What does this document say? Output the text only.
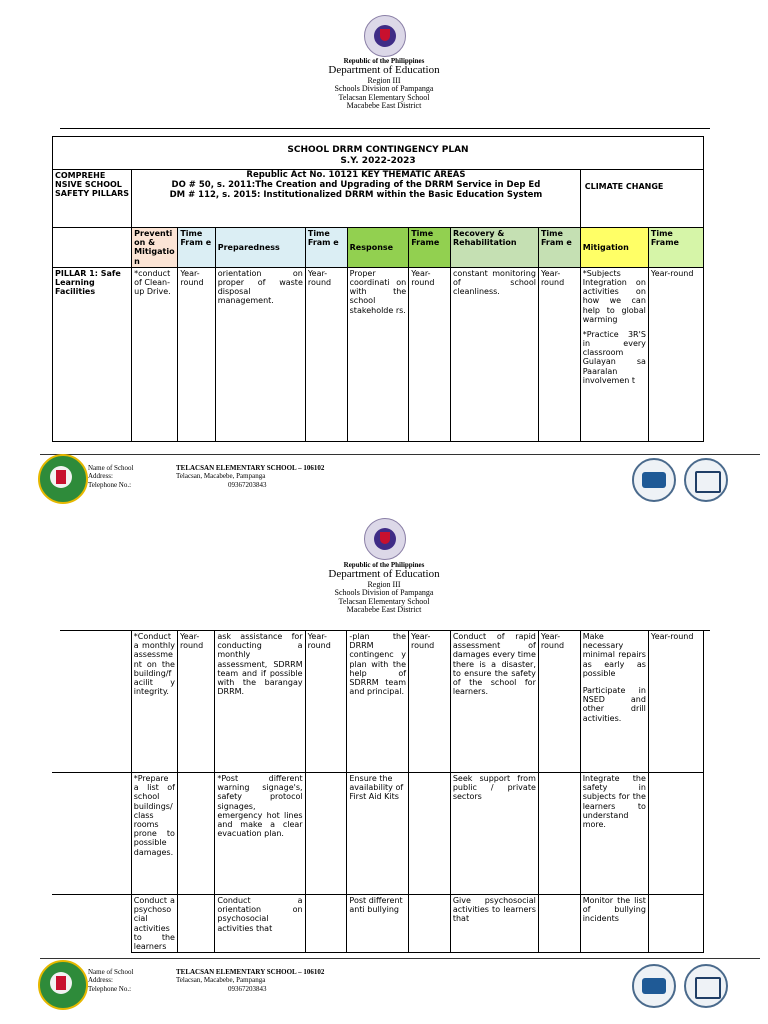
Republic of the Philippines
Department of Education
Region III
Schools Division of Pampanga
Telacsan Elementary School
Macabebe East District
SCHOOL DRRM CONTINGENCY PLAN
S.Y. 2022-2023										

COMPREHE NSIVE SCHOOL SAFETY PILLARS	Republic Act No. 10121 KEY THEMATIC AREAS
DO # 50, s. 2011:The Creation and Upgrading of the DRRM Service in Dep Ed
DM # 112, s. 2015: Institutionalized DRRM within the Basic Education System								CLIMATE CHANGE	
	Prevention & Mitigation	Time Fram e	Preparedness	Time Fram e	Response	Time Frame	Recovery & Rehabilitation	Time Fram e	Mitigation	Time Frame
PILLAR 1: Safe Learning Facilities	*conduct of Clean-up Drive.	Year-round	orientation on proper of waste disposal management.	Year-round	Proper coordinati on with the school stakeholde rs.	Year-round	constant monitoring of school cleanliness.	Year-round	*Subjects Integration on activities on how we can help to global warming
*Practice 3R'S in every classroom Gulayan sa Paaralan involvemen t	Year-round
Name of School
Address:
Telephone No.:
TELACSAN ELEMENTARY SCHOOL – 106102
Telacsan, Macabebe, Pampanga
09367203843
Republic of the Philippines
Department of Education
Region III
Schools Division of Pampanga
Telacsan Elementary School
Macabebe East District
	*Conduct a monthly assessment on the building/facilit y integrity.	Year-round	ask assistance for conducting a monthly assessment, SDRRM team and if possible with the barangay DRRM.	Year-round	-plan the DRRM contingenc y plan with the help of SDRRM team and principal.	Year-round	Conduct of rapid assessment of damages every time there is a disaster, to ensure the safety of the school for learners.	Year-round	Make necessary minimal repairs as early as possible
Participate in NSED and other drill activities.	Year-round
	*Prepare a list of school buildings/class rooms prone to possible damages.		*Post different warning signage's, safety protocol signages, emergency hot lines and make a clear evacuation plan.		Ensure the availability of First Aid Kits		Seek support from public / private sectors		Integrate the safety in subjects for the learners to understand more.	
	Conduct a psychosocial activities to the learners		Conduct a orientation on psychosocial activities that		Post different anti bullying		Give psychosocial activities to learners that		Monitor the list of bullying incidents	
Name of School
Address:
Telephone No.:
TELACSAN ELEMENTARY SCHOOL – 106102
Telacsan, Macabebe, Pampanga
09367203843
